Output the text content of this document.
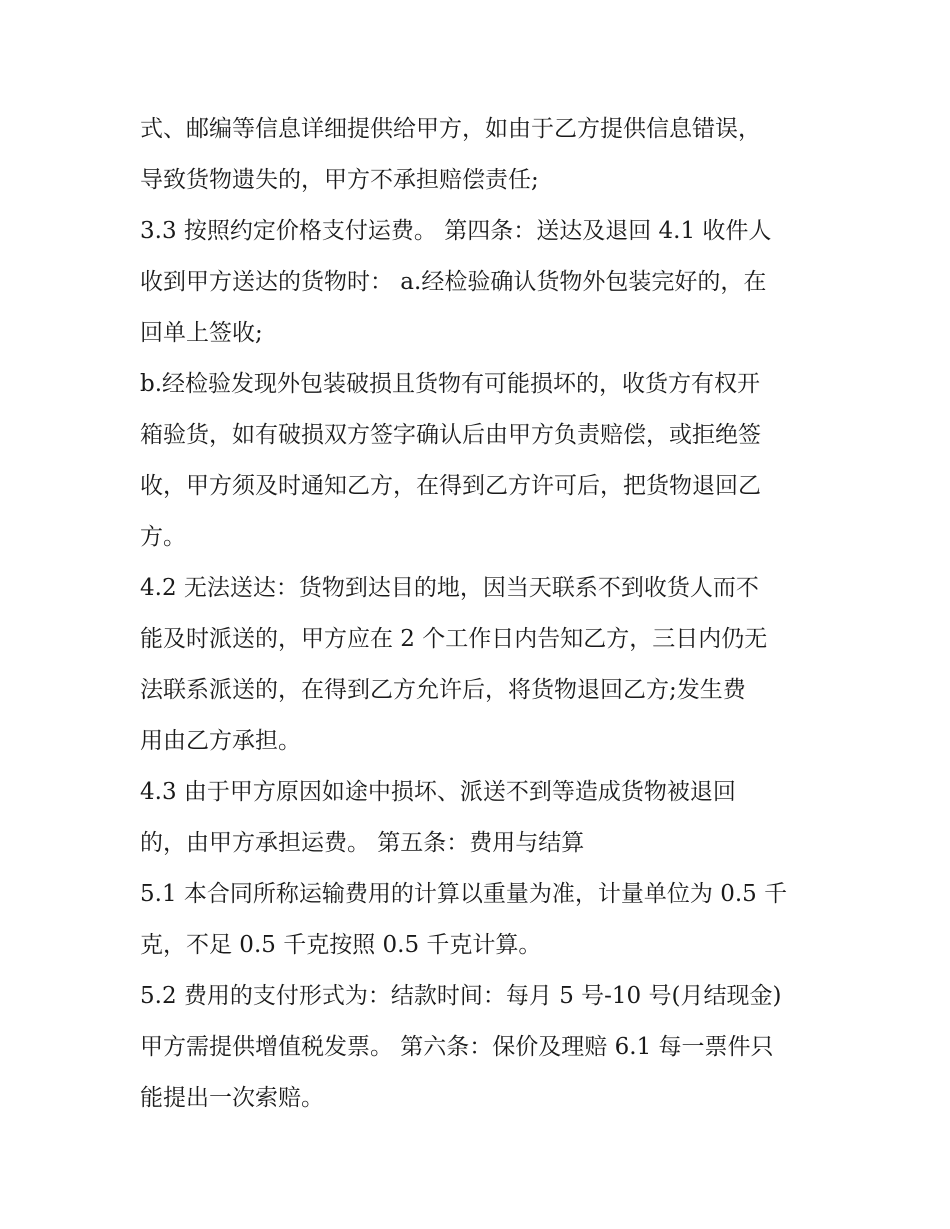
式、邮编等信息详细提供给甲方，如由于乙方提供信息错误，
导致货物遗失的，甲方不承担赔偿责任;
3.3 按照约定价格支付运费。 第四条：送达及退回 4.1 收件人
收到甲方送达的货物时： a.经检验确认货物外包装完好的，在
回单上签收;
b.经检验发现外包装破损且货物有可能损坏的，收货方有权开
箱验货，如有破损双方签字确认后由甲方负责赔偿，或拒绝签
收，甲方须及时通知乙方，在得到乙方许可后，把货物退回乙
方。
4.2 无法送达：货物到达目的地，因当天联系不到收货人而不
能及时派送的，甲方应在 2 个工作日内告知乙方，三日内仍无
法联系派送的，在得到乙方允许后，将货物退回乙方;发生费
用由乙方承担。
4.3 由于甲方原因如途中损坏、派送不到等造成货物被退回
的，由甲方承担运费。 第五条：费用与结算
5.1 本合同所称运输费用的计算以重量为准，计量单位为 0.5 千
克，不足 0.5 千克按照 0.5 千克计算。
5.2 费用的支付形式为：结款时间：每月 5 号-10 号(月结现金)
甲方需提供增值税发票。 第六条：保价及理赔 6.1 每一票件只
能提出一次索赔。
